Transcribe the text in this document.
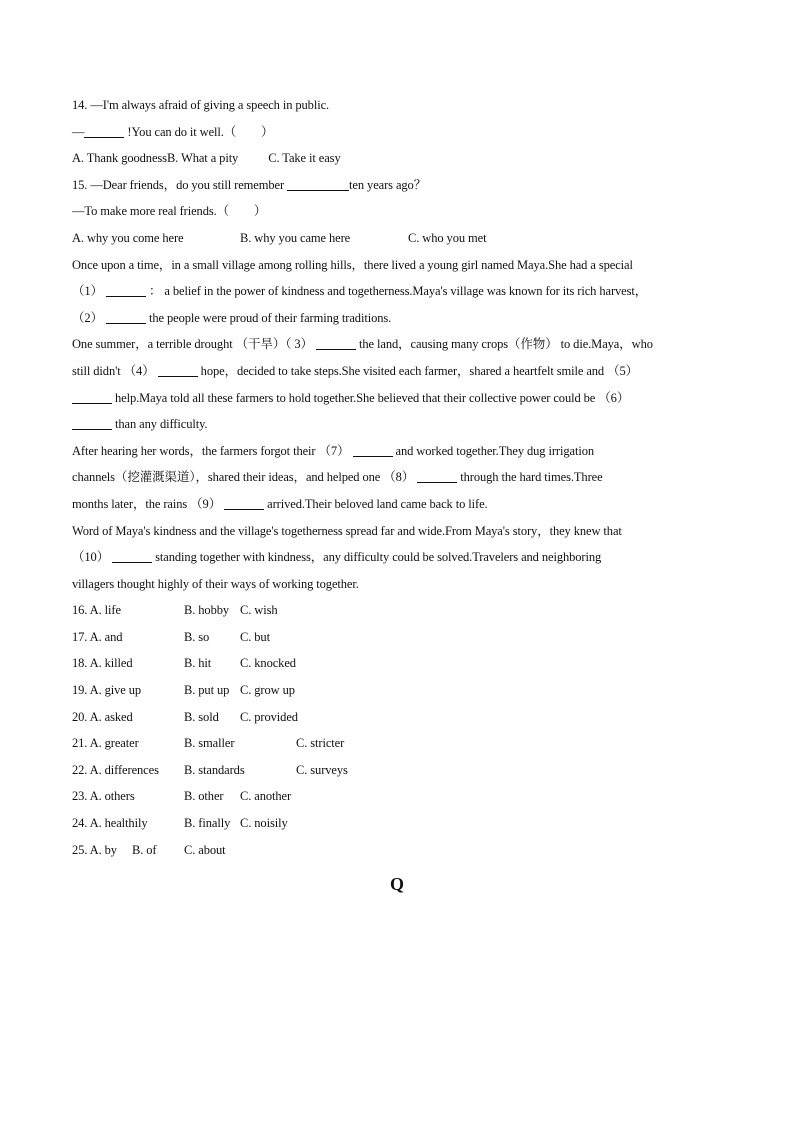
14. —I'm always afraid of giving a speech in public.
—	!You can do it well.（　　）
A. Thank goodnessB. What a pity C. Take it easy
15. —Dear friends，do you still remember	ten years ago？
—To make more real friends.（　　）
A. why you come here	B. why you came here	C. who you met
Once upon a time，in a small village among rolling hills，there lived a young girl named Maya.She had a special
（1）	： a belief in the power of kindness and togetherness.Maya's village was known for its rich harvest，
（2）	the people were proud of their farming traditions.
One summer，a terrible drought （干旱）（ 3）	the land，causing many crops（作物） to die.Maya，who
still didn't （4）	hope，decided to take steps.She visited each farmer，shared a heartfelt smile and （5）
help.Maya told all these farmers to hold together.She believed that their collective power could be （6）
than any difficulty.
After hearing her words，the farmers forgot their （7）	and worked together.They dug irrigation
channels（挖灌溉渠道），shared their ideas，and helped one （8）	through the hard times.Three
months later，the rains （9）	arrived.Their beloved land came back to life.
Word of Maya's kindness and the village's togetherness spread far and wide.From Maya's story，they knew that
（10）	standing together with kindness，any difficulty could be solved.Travelers and neighboring
villagers thought highly of their ways of working together.
16. A. life	B. hobby C. wish
17. A. and	B. so C. but
18. A. killed	B. hit C. knocked
19. A. give up	B. put up C. grow up
20. A. asked	B. sold C. provided
21. A. greater	B. smaller	C. stricter
22. A. differences B. standards	C. surveys
23. A. others	B. other C. another
24. A. healthily	B. finally C. noisily
25. A. by B. of C. about
Q
